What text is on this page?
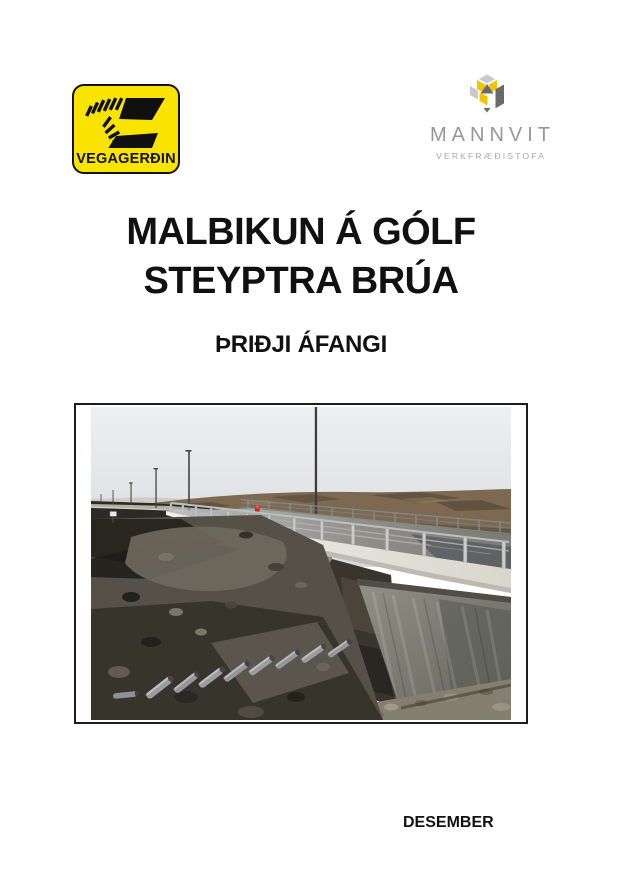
VEGAGERÐIN
MANNVIT
VERKFRÆÐISTOFA
MALBIKUN Á GÓLF
STEYPTRA BRÚA
ÞRIÐJI ÁFANGI
DESEMBER
